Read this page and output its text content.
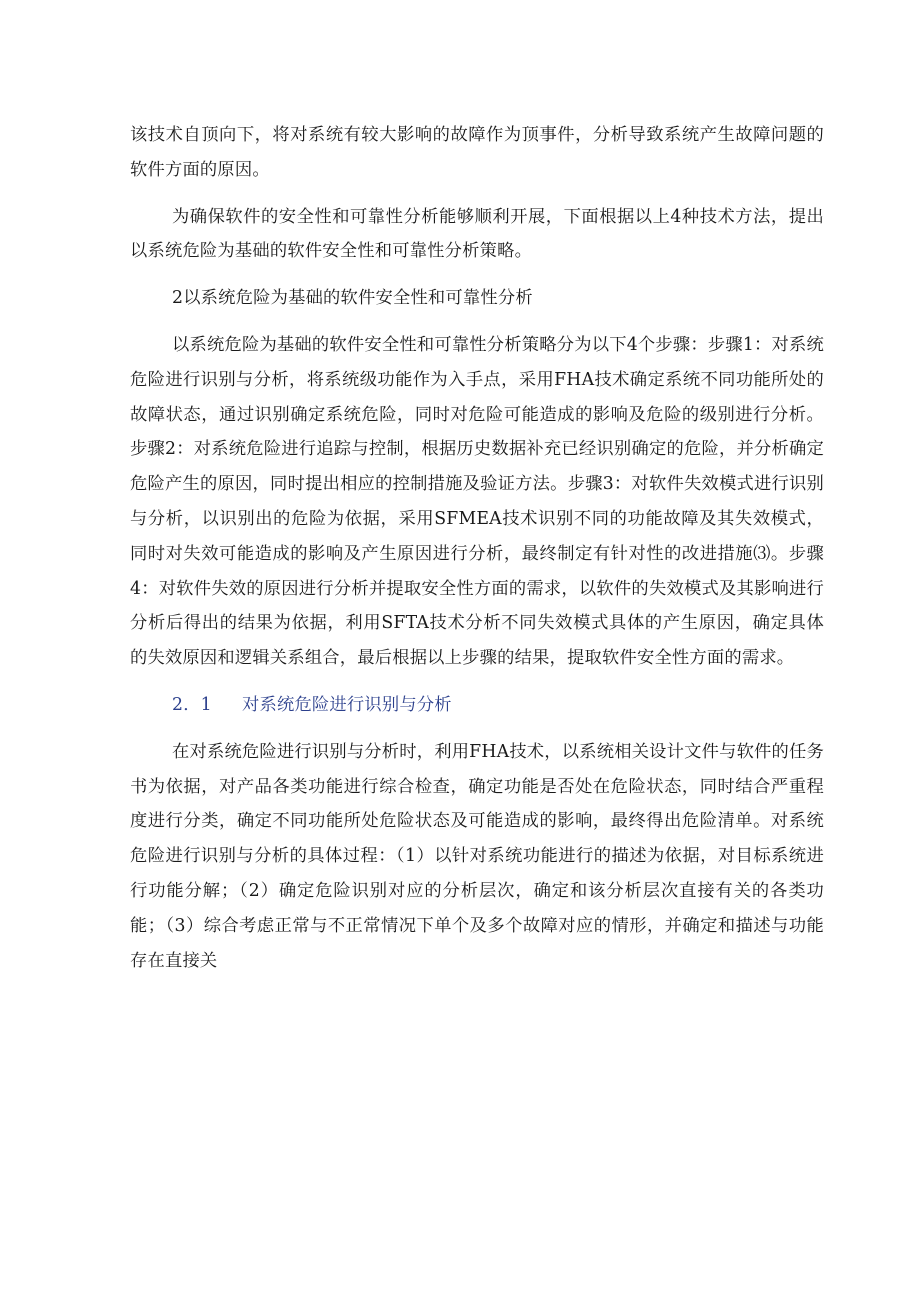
该技术自顶向下，将对系统有较大影响的故障作为顶事件，分析导致系统产生故障问题的软件方面的原因。

为确保软件的安全性和可靠性分析能够顺利开展，下面根据以上4种技术方法，提出以系统危险为基础的软件安全性和可靠性分析策略。

2以系统危险为基础的软件安全性和可靠性分析

以系统危险为基础的软件安全性和可靠性分析策略分为以下4个步骤：步骤1：对系统危险进行识别与分析，将系统级功能作为入手点，采用FHA技术确定系统不同功能所处的故障状态，通过识别确定系统危险，同时对危险可能造成的影响及危险的级别进行分析。步骤2：对系统危险进行追踪与控制，根据历史数据补充已经识别确定的危险，并分析确定危险产生的原因，同时提出相应的控制措施及验证方法。步骤3：对软件失效模式进行识别与分析，以识别出的危险为依据，采用SFMEA技术识别不同的功能故障及其失效模式，同时对失效可能造成的影响及产生原因进行分析，最终制定有针对性的改进措施⑶。步骤4：对软件失效的原因进行分析并提取安全性方面的需求，以软件的失效模式及其影响进行分析后得出的结果为依据，利用SFTA技术分析不同失效模式具体的产生原因，确定具体的失效原因和逻辑关系组合，最后根据以上步骤的结果，提取软件安全性方面的需求。

2．1 对系统危险进行识别与分析

在对系统危险进行识别与分析时，利用FHA技术，以系统相关设计文件与软件的任务书为依据，对产品各类功能进行综合检查，确定功能是否处在危险状态，同时结合严重程度进行分类，确定不同功能所处危险状态及可能造成的影响，最终得出危险清单。对系统危险进行识别与分析的具体过程：（1）以针对系统功能进行的描述为依据，对目标系统进行功能分解；（2）确定危险识别对应的分析层次，确定和该分析层次直接有关的各类功能；（3）综合考虑正常与不正常情况下单个及多个故障对应的情形，并确定和描述与功能存在直接关
